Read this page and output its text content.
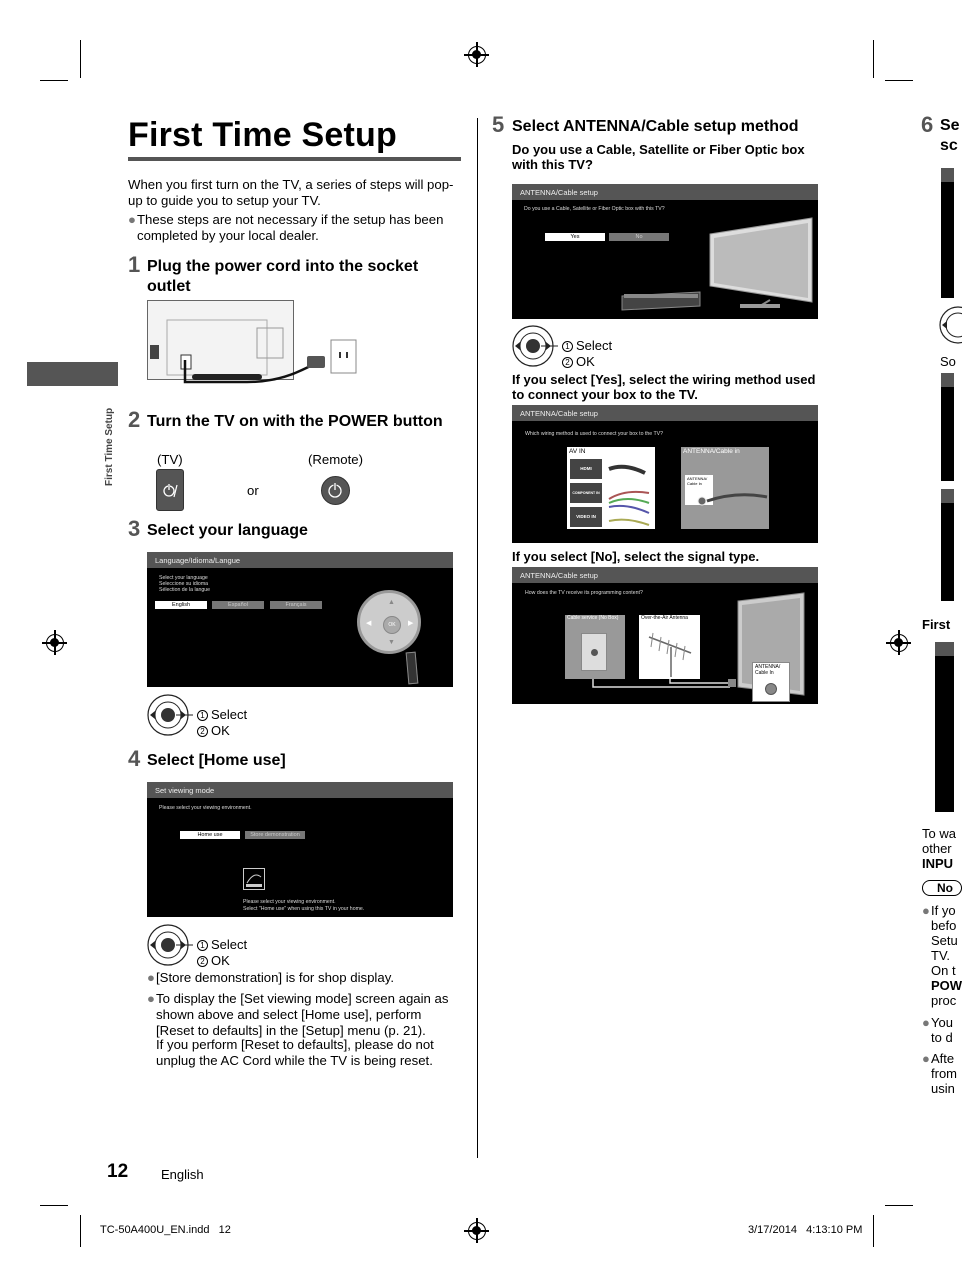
First Time Setup
First Time Setup
When you first turn on the TV, a series of steps will pop-up to guide you to setup your TV.
● These steps are not necessary if the setup has been completed by your local dealer.
1 Plug the power cord into the socket outlet
2 Turn the TV on with the POWER button
(TV)	(Remote)
or
3 Select your language
Language/Idioma/Langue
Select your language
Seleccione su idioma
Sélection de la langue
English	Español	Français
OK
▲
▼
◀	▶
1 Select
2 OK
4 Select [Home use]
Set viewing mode
Please select your viewing environment.
Home use	Store demonstration
Please select your viewing environment.
Select "Home use" when using this TV in your home.
1 Select
2 OK
● [Store demonstration] is for shop display.
● To display the [Set viewing mode] screen again as shown above and select [Home use], perform [Reset to defaults] in the [Setup] menu (p. 21).
If you perform [Reset to defaults], please do not unplug the AC Cord while the TV is being reset.
5 Select ANTENNA/Cable setup method
Do you use a Cable, Satellite or Fiber Optic box with this TV?
ANTENNA/Cable setup
Do you use a Cable, Satellite or Fiber Optic box with this TV?
Yes	No
1 Select
2 OK
If you select [Yes], select the wiring method used to connect your box to the TV.
ANTENNA/Cable setup
Which wiring method is used to connect your box to the TV?
AV IN
HDMI
COMPONENT IN
VIDEO IN
ANTENNA/Cable in
ANTENNA/ Cable In
If you select [No], select the signal type.
ANTENNA/Cable setup
How does the TV receive its programming content?
Cable service (No Box)	Over-the-Air Antenna
ANTENNA/ Cable In
6 Se
sc
So
First
To wa
other
INPU
No
● If yo
befo
Setu
TV.
On t
POW
proc
● You
to d
● Afte
from
usin
12	English
TC-50A400U_EN.indd   12	3/17/2014   4:13:10 PM
